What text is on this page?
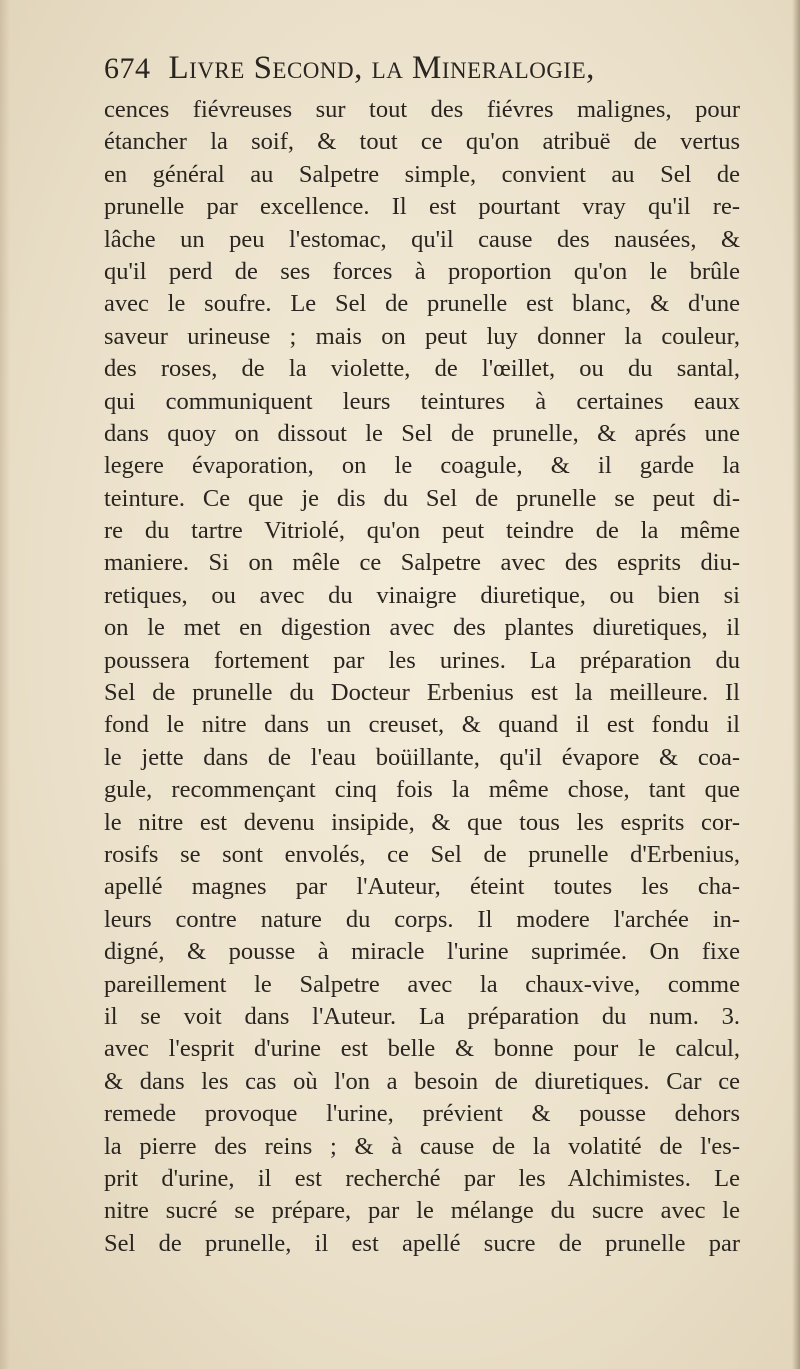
674 Livre Second, la Mineralogie,
cences fiévreuses sur tout des fiévres malignes, pour
étancher la soif, & tout ce qu'on atribuë de vertus
en général au Salpetre simple, convient au Sel de
prunelle par excellence. Il est pourtant vray qu'il re-
lâche un peu l'estomac, qu'il cause des nausées, &
qu'il perd de ses forces à proportion qu'on le brûle
avec le soufre. Le Sel de prunelle est blanc, & d'une
saveur urineuse ; mais on peut luy donner la couleur,
des roses, de la violette, de l'œillet, ou du santal,
qui communiquent leurs teintures à certaines eaux
dans quoy on dissout le Sel de prunelle, & aprés une
legere évaporation, on le coagule, & il garde la
teinture. Ce que je dis du Sel de prunelle se peut di-
re du tartre Vitriolé, qu'on peut teindre de la même
maniere. Si on mêle ce Salpetre avec des esprits diu-
retiques, ou avec du vinaigre diuretique, ou bien si
on le met en digestion avec des plantes diuretiques, il
poussera fortement par les urines. La préparation du
Sel de prunelle du Docteur Erbenius est la meilleure. Il
fond le nitre dans un creuset, & quand il est fondu il
le jette dans de l'eau boüillante, qu'il évapore & coa-
gule, recommençant cinq fois la même chose, tant que
le nitre est devenu insipide, & que tous les esprits cor-
rosifs se sont envolés, ce Sel de prunelle d'Erbenius,
apellé magnes par l'Auteur, éteint toutes les cha-
leurs contre nature du corps. Il modere l'archée in-
digné, & pousse à miracle l'urine suprimée. On fixe
pareillement le Salpetre avec la chaux-vive, comme
il se voit dans l'Auteur. La préparation du num. 3.
avec l'esprit d'urine est belle & bonne pour le calcul,
& dans les cas où l'on a besoin de diuretiques. Car ce
remede provoque l'urine, prévient & pousse dehors
la pierre des reins ; & à cause de la volatité de l'es-
prit d'urine, il est recherché par les Alchimistes. Le
nitre sucré se prépare, par le mélange du sucre avec le
Sel de prunelle, il est apellé sucre de prunelle par
